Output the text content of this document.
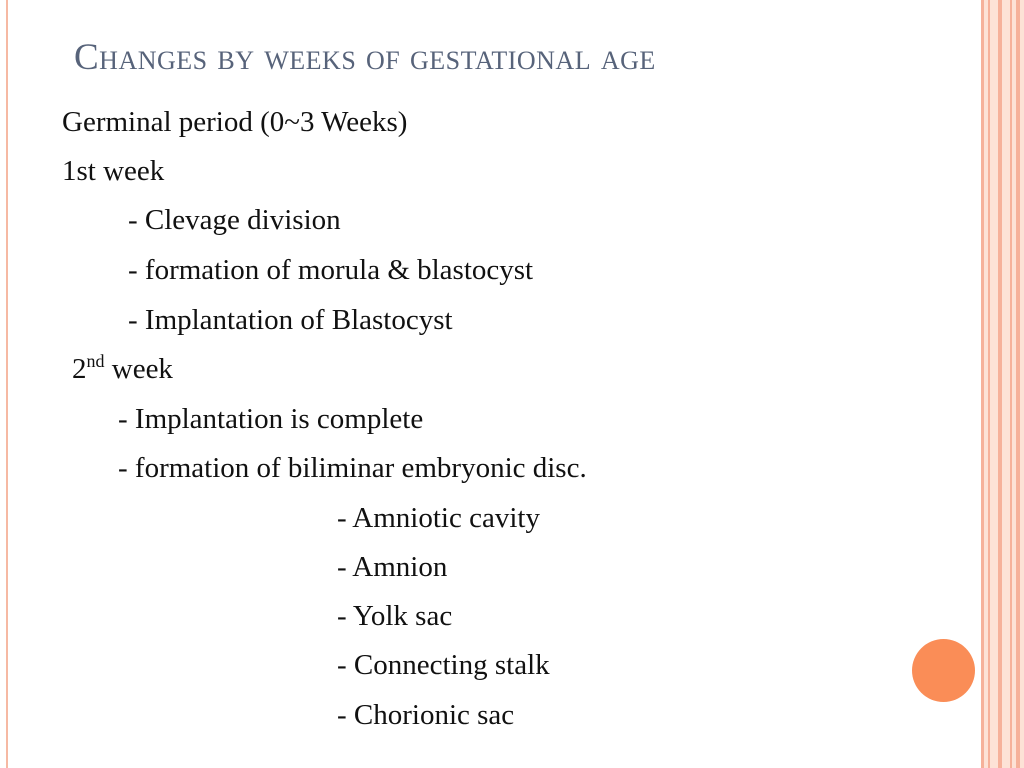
Changes by weeks of gestational age
Germinal period (0~3 Weeks)
1st week
- Clevage division
- formation of morula & blastocyst
- Implantation of Blastocyst
2nd week
- Implantation is complete
- formation of biliminar embryonic disc.
- Amniotic cavity
- Amnion
- Yolk sac
- Connecting stalk
- Chorionic sac
